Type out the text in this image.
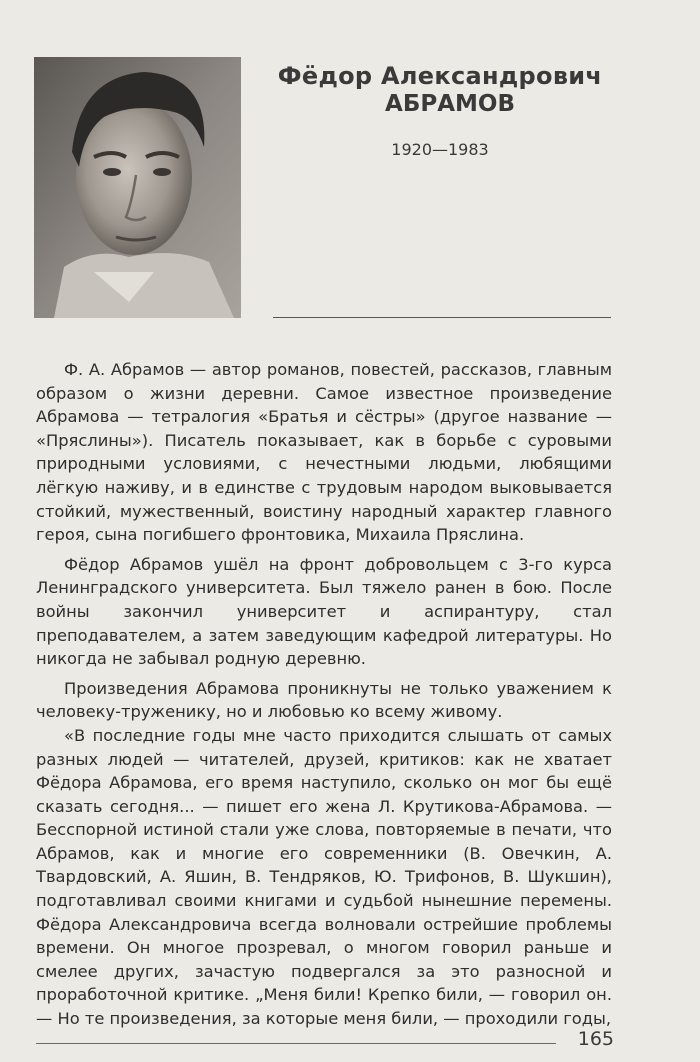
Фёдор Александрович
АБРАМОВ
1920—1983

Ф. А. Абрамов — автор романов, повестей, рассказов, главным образом о жизни деревни. Самое известное произведение Абрамова — тетралогия «Братья и сёстры» (другое название — «Пряслины»). Писатель показывает, как в борьбе с суровыми природными условиями, с нечестными людьми, любящими лёгкую наживу, и в единстве с трудовым народом выковывается стойкий, мужественный, воистину народный характер главного героя, сына погибшего фронтовика, Михаила Пряслина.

Фёдор Абрамов ушёл на фронт добровольцем с 3-го курса Ленинградского университета. Был тяжело ранен в бою. После войны закончил университет и аспирантуру, стал преподавателем, а затем заведующим кафедрой литературы. Но никогда не забывал родную деревню.

Произведения Абрамова проникнуты не только уважением к человеку-труженику, но и любовью ко всему живому.

«В последние годы мне часто приходится слышать от самых разных людей — читателей, друзей, критиков: как не хватает Фёдора Абрамова, его время наступило, сколько он мог бы ещё сказать сегодня... — пишет его жена Л. Крутикова-Абрамова. — Бесспорной истиной стали уже слова, повторяемые в печати, что Абрамов, как и многие его современники (В. Овечкин, А. Твардовский, А. Яшин, В. Тендряков, Ю. Трифонов, В. Шукшин), подготавливал своими книгами и судьбой нынешние перемены. Фёдора Александровича всегда волновали острейшие проблемы времени. Он многое прозревал, о многом говорил раньше и смелее других, зачастую подвергался за это разносной и проработочной критике. „Меня били! Крепко били, — говорил он. — Но те произведения, за которые меня били, — проходили годы,

165
